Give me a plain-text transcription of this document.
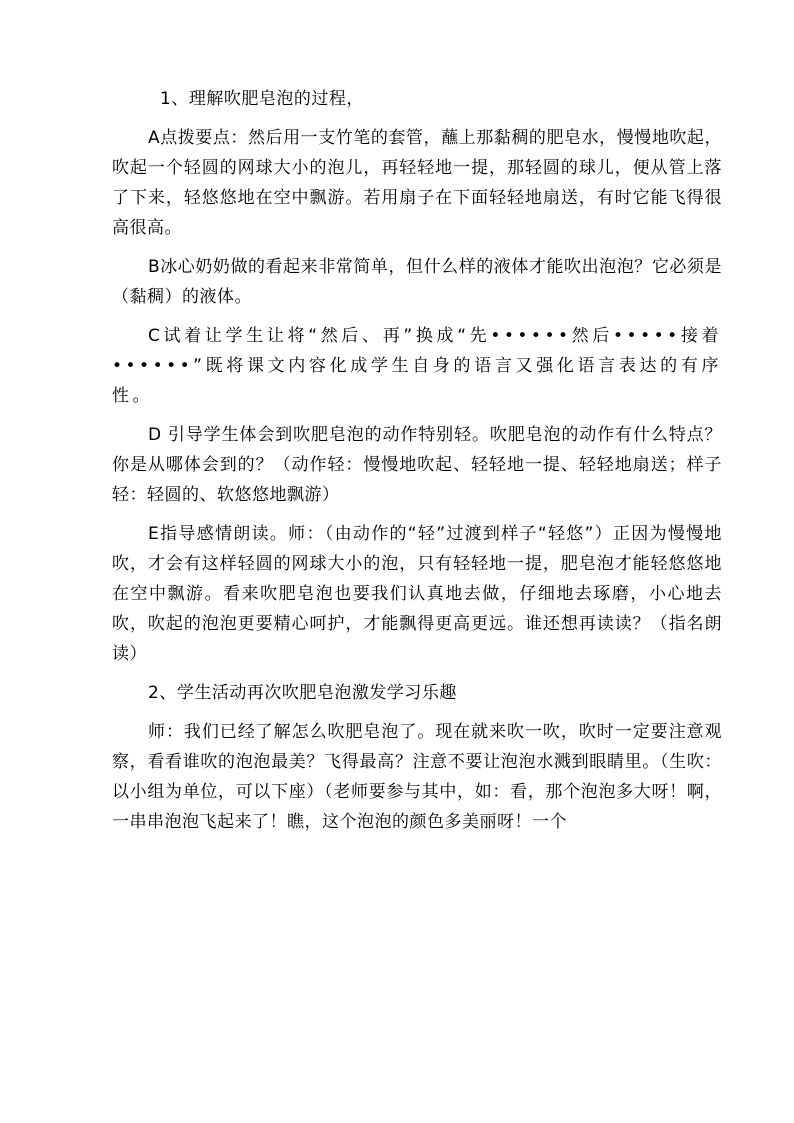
1、理解吹肥皂泡的过程，

A点拨要点：然后用一支竹笔的套管，蘸上那黏稠的肥皂水，慢慢地吹起，吹起一个轻圆的网球大小的泡儿，再轻轻地一提，那轻圆的球儿，便从管上落了下来，轻悠悠地在空中飘游。若用扇子在下面轻轻地扇送，有时它能飞得很高很高。

B冰心奶奶做的看起来非常简单，但什么样的液体才能吹出泡泡？它必须是（黏稠）的液体。

C试着让学生让将“然后、再”换成“先••••••然后•••••接着••••••”既将课文内容化成学生自身的语言又强化语言表达的有序性。

D 引导学生体会到吹肥皂泡的动作特别轻。吹肥皂泡的动作有什么特点？你是从哪体会到的？（动作轻：慢慢地吹起、轻轻地一提、轻轻地扇送；样子轻：轻圆的、软悠悠地飘游）

E指导感情朗读。师：（由动作的“轻”过渡到样子“轻悠”）正因为慢慢地吹，才会有这样轻圆的网球大小的泡，只有轻轻地一提，肥皂泡才能轻悠悠地在空中飘游。看来吹肥皂泡也要我们认真地去做，仔细地去琢磨，小心地去吹，吹起的泡泡更要精心呵护，才能飘得更高更远。谁还想再读读？（指名朗读）

2、学生活动再次吹肥皂泡激发学习乐趣

师：我们已经了解怎么吹肥皂泡了。现在就来吹一吹，吹时一定要注意观察，看看谁吹的泡泡最美？飞得最高？注意不要让泡泡水溅到眼睛里。（生吹：以小组为单位，可以下座）（老师要参与其中，如：看，那个泡泡多大呀！啊，一串串泡泡飞起来了！瞧，这个泡泡的颜色多美丽呀！一个
